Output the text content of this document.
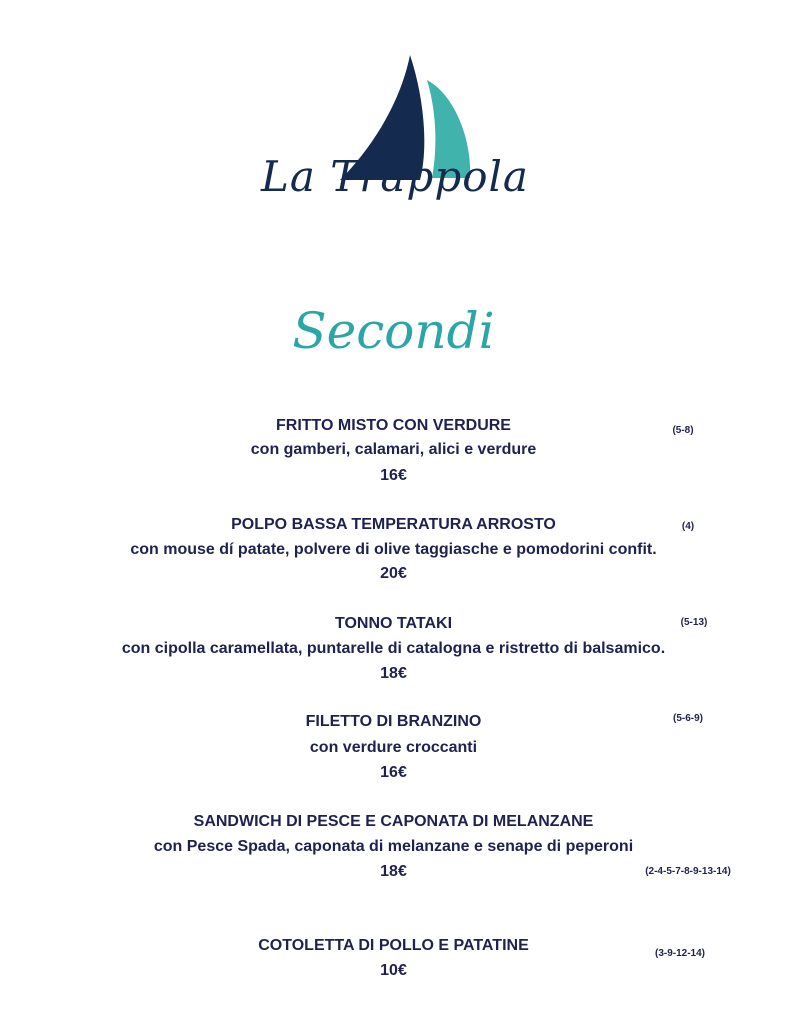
La Trappola
Secondi
FRITTO MISTO CON VERDURE
con gamberi, calamari, alici e verdure
16€
(5-8)
POLPO BASSA TEMPERATURA ARROSTO
con mouse dí patate, polvere di olive taggiasche e pomodorini confit.
20€
(4)
TONNO TATAKI
con cipolla caramellata, puntarelle di catalogna e ristretto di balsamico.
18€
(5-13)
FILETTO DI BRANZINO
con verdure croccanti
16€
(5-6-9)
SANDWICH DI PESCE E CAPONATA DI MELANZANE
con Pesce Spada, caponata di melanzane e senape di peperoni
18€	(2-4-5-7-8-9-13-14)
COTOLETTA DI POLLO E PATATINE
10€
(3-9-12-14)
